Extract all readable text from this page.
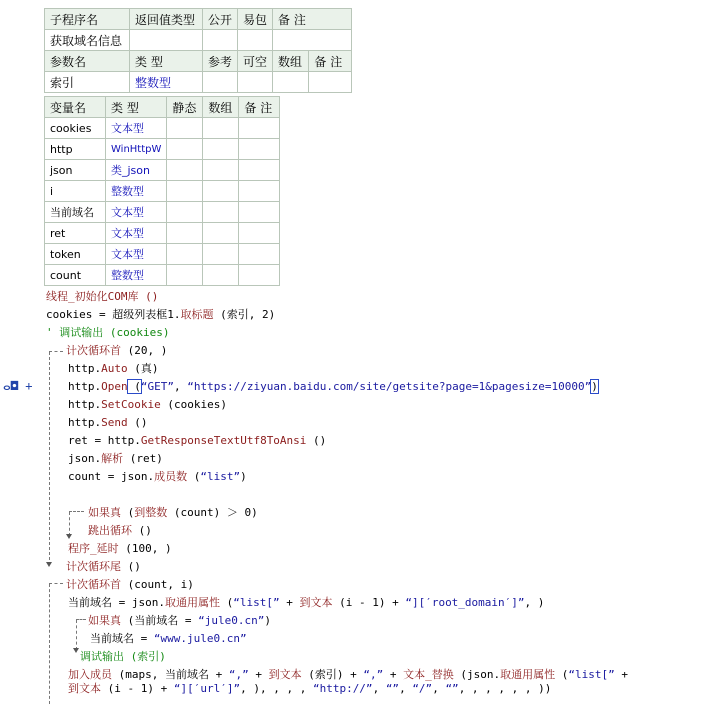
子程序名	返回值类型	公开	易包	备 注	
获取域名信息					
参数名	类 型	参考	可空	数组	备 注
索引	整数型				
变量名	类 型	静态	数组	备 注
cookies	文本型			
http	WinHttpW			
json	类_json			
i	整数型			
当前域名	文本型			
ret	文本型			
token	文本型			
count	整数型			
ⴰ◘ +
线程_初始化COM库 ()
cookies = 超级列表框1.取标题 (索引, 2)
' 调试输出 (cookies)
计次循环首 (20, )
http.Auto (真)
http.Open (“GET”, “https://ziyuan.baidu.com/site/getsite?page=1&pagesize=10000”)
http.SetCookie (cookies)
http.Send ()
ret = http.GetResponseTextUtf8ToAnsi ()
json.解析 (ret)
count = json.成员数 (“list”)
如果真 (到整数 (count) ＞ 0)
跳出循环 ()
程序_延时 (100, )
计次循环尾 ()
计次循环首 (count, i)
当前域名 = json.取通用属性 (“list[” + 到文本 (i - 1) + “][′root_domain′]”, )
如果真 (当前域名 = “jule0.cn”)
当前域名 = “www.jule0.cn”
调试输出 (索引)
加入成员 (maps, 当前域名 + “,” + 到文本 (索引) + “,” + 文本_替换 (json.取通用属性 (“list[” +
到文本 (i - 1) + “][′url′]”, ), , , , “http://”, “”, “/”, “”, , , , , , ))
